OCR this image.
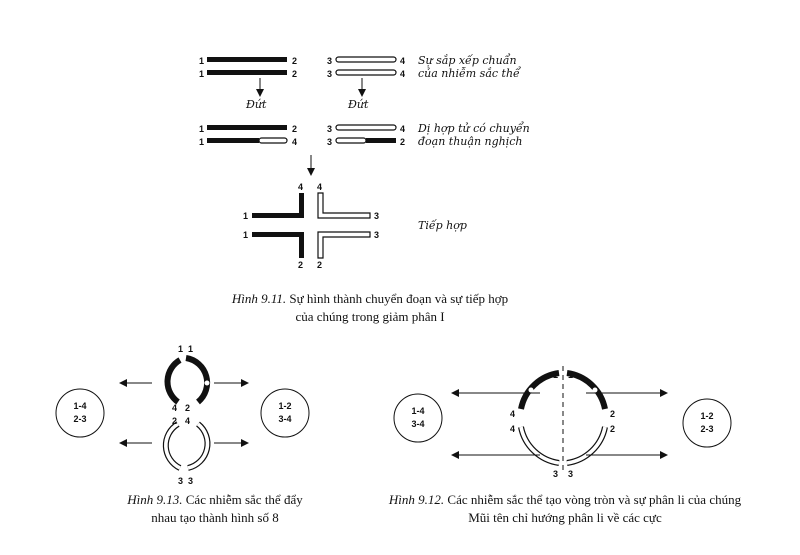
1	2
1	2
3	4
3	4
Sự sắp xếp chuẩn
của nhiễm sắc thể
Đứt	Đứt
1	2
1	4
3	4
3	2
Dị hợp tử có chuyển
đoạn thuận nghịch
4 4
1
1
3
3
2 2
Tiếp hợp
1-4
2-3
1-2
3-4
1 1
4 2
2 4
3 3
1-4
3-4
1-2
2-3
1 1
4
4
2
2
3 3
Hình 9.11. Sự hình thành chuyển đoạn và sự tiếp hợp
của chúng trong giảm phân I
Hình 9.13. Các nhiễm sắc thể đẩy
nhau tạo thành hình số 8
Hình 9.12. Các nhiễm sắc thể tạo vòng tròn và sự phân li của chúng
Mũi tên chỉ hướng phân li về các cực
